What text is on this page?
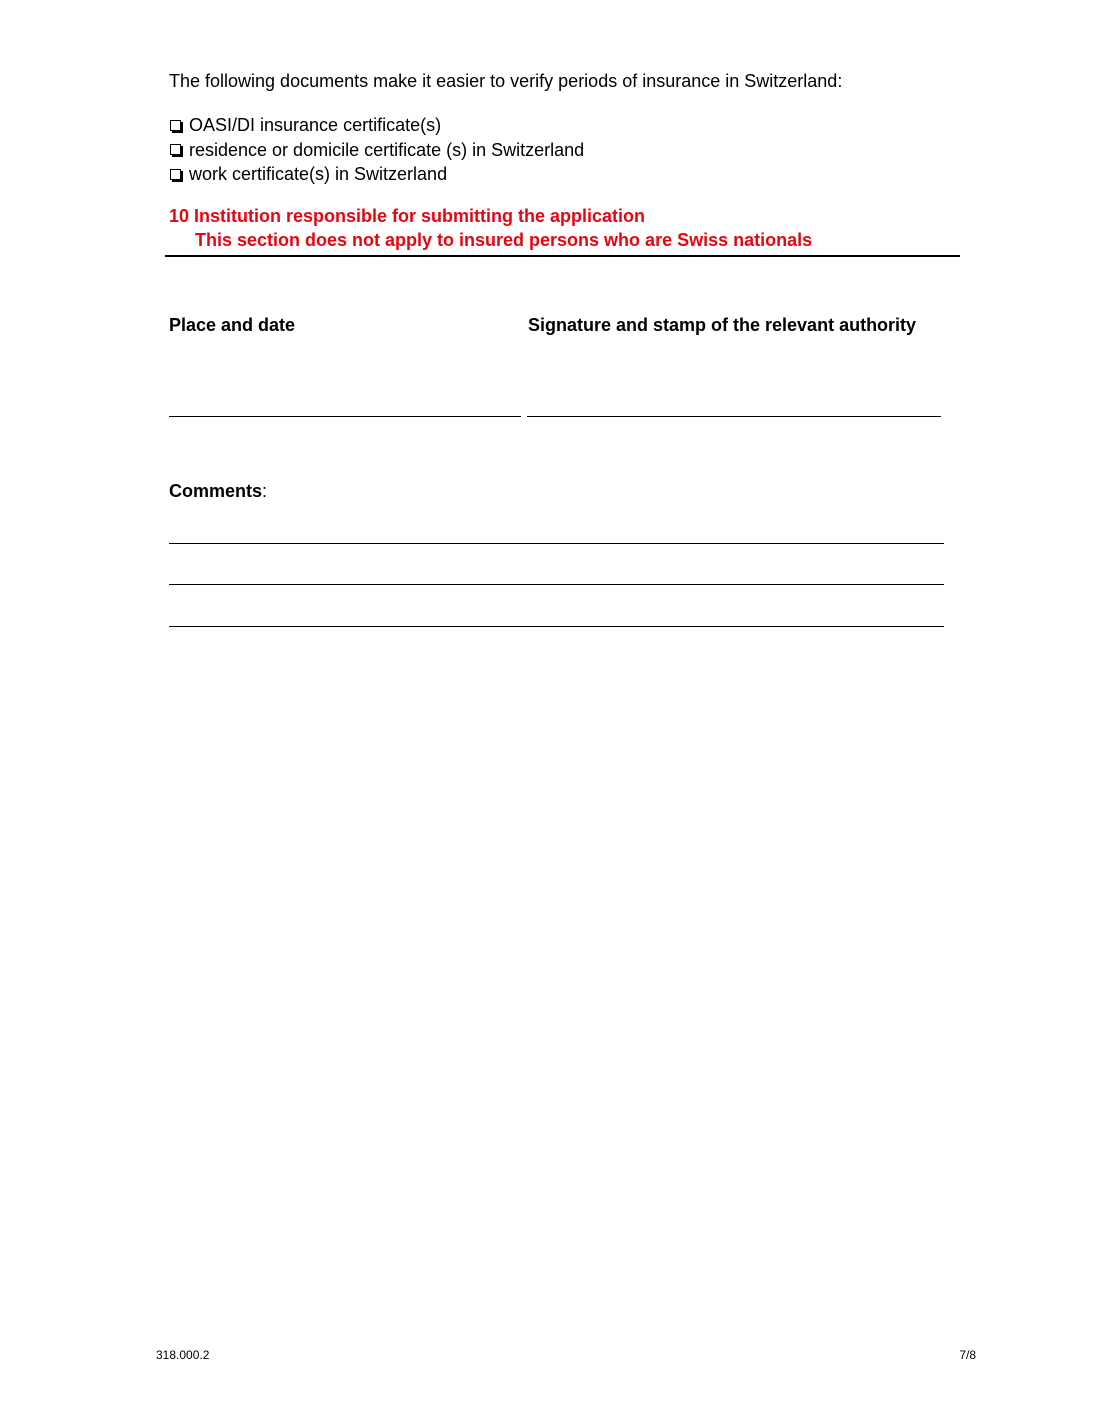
The following documents make it easier to verify periods of insurance in Switzerland:
OASI/DI insurance certificate(s)
residence or domicile certificate (s) in Switzerland
work certificate(s) in Switzerland
10 Institution responsible for submitting the application
This section does not apply to insured persons who are Swiss nationals
Place and date	Signature and stamp of the relevant authority
Comments:
318.000.2	7/8
